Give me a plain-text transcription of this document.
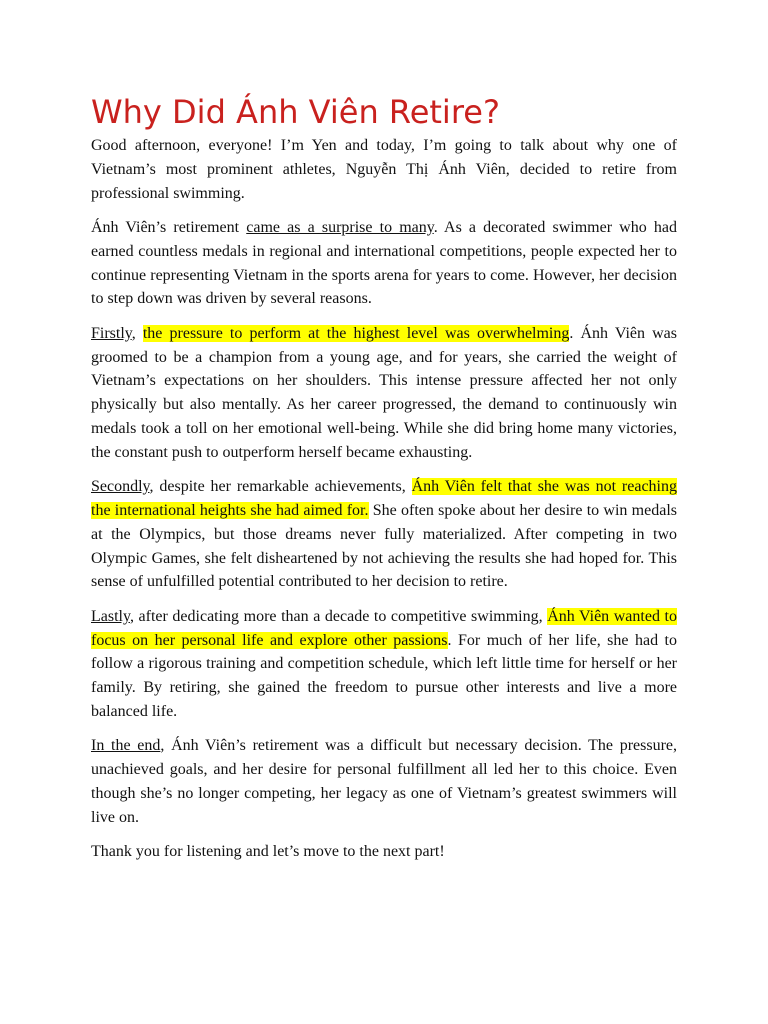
Why Did Ánh Viên Retire?

Good afternoon, everyone! I’m Yen and today, I’m going to talk about why one of Vietnam’s most prominent athletes, Nguyễn Thị Ánh Viên, decided to retire from professional swimming.

Ánh Viên’s retirement came as a surprise to many. As a decorated swimmer who had earned countless medals in regional and international competitions, people expected her to continue representing Vietnam in the sports arena for years to come. However, her decision to step down was driven by several reasons.

Firstly, the pressure to perform at the highest level was overwhelming. Ánh Viên was groomed to be a champion from a young age, and for years, she carried the weight of Vietnam’s expectations on her shoulders. This intense pressure affected her not only physically but also mentally. As her career progressed, the demand to continuously win medals took a toll on her emotional well-being. While she did bring home many victories, the constant push to outperform herself became exhausting.

Secondly, despite her remarkable achievements, Ánh Viên felt that she was not reaching the international heights she had aimed for. She often spoke about her desire to win medals at the Olympics, but those dreams never fully materialized. After competing in two Olympic Games, she felt disheartened by not achieving the results she had hoped for. This sense of unfulfilled potential contributed to her decision to retire.

Lastly, after dedicating more than a decade to competitive swimming, Ánh Viên wanted to focus on her personal life and explore other passions. For much of her life, she had to follow a rigorous training and competition schedule, which left little time for herself or her family. By retiring, she gained the freedom to pursue other interests and live a more balanced life.

In the end, Ánh Viên’s retirement was a difficult but necessary decision. The pressure, unachieved goals, and her desire for personal fulfillment all led her to this choice. Even though she’s no longer competing, her legacy as one of Vietnam’s greatest swimmers will live on.

Thank you for listening and let’s move to the next part!
